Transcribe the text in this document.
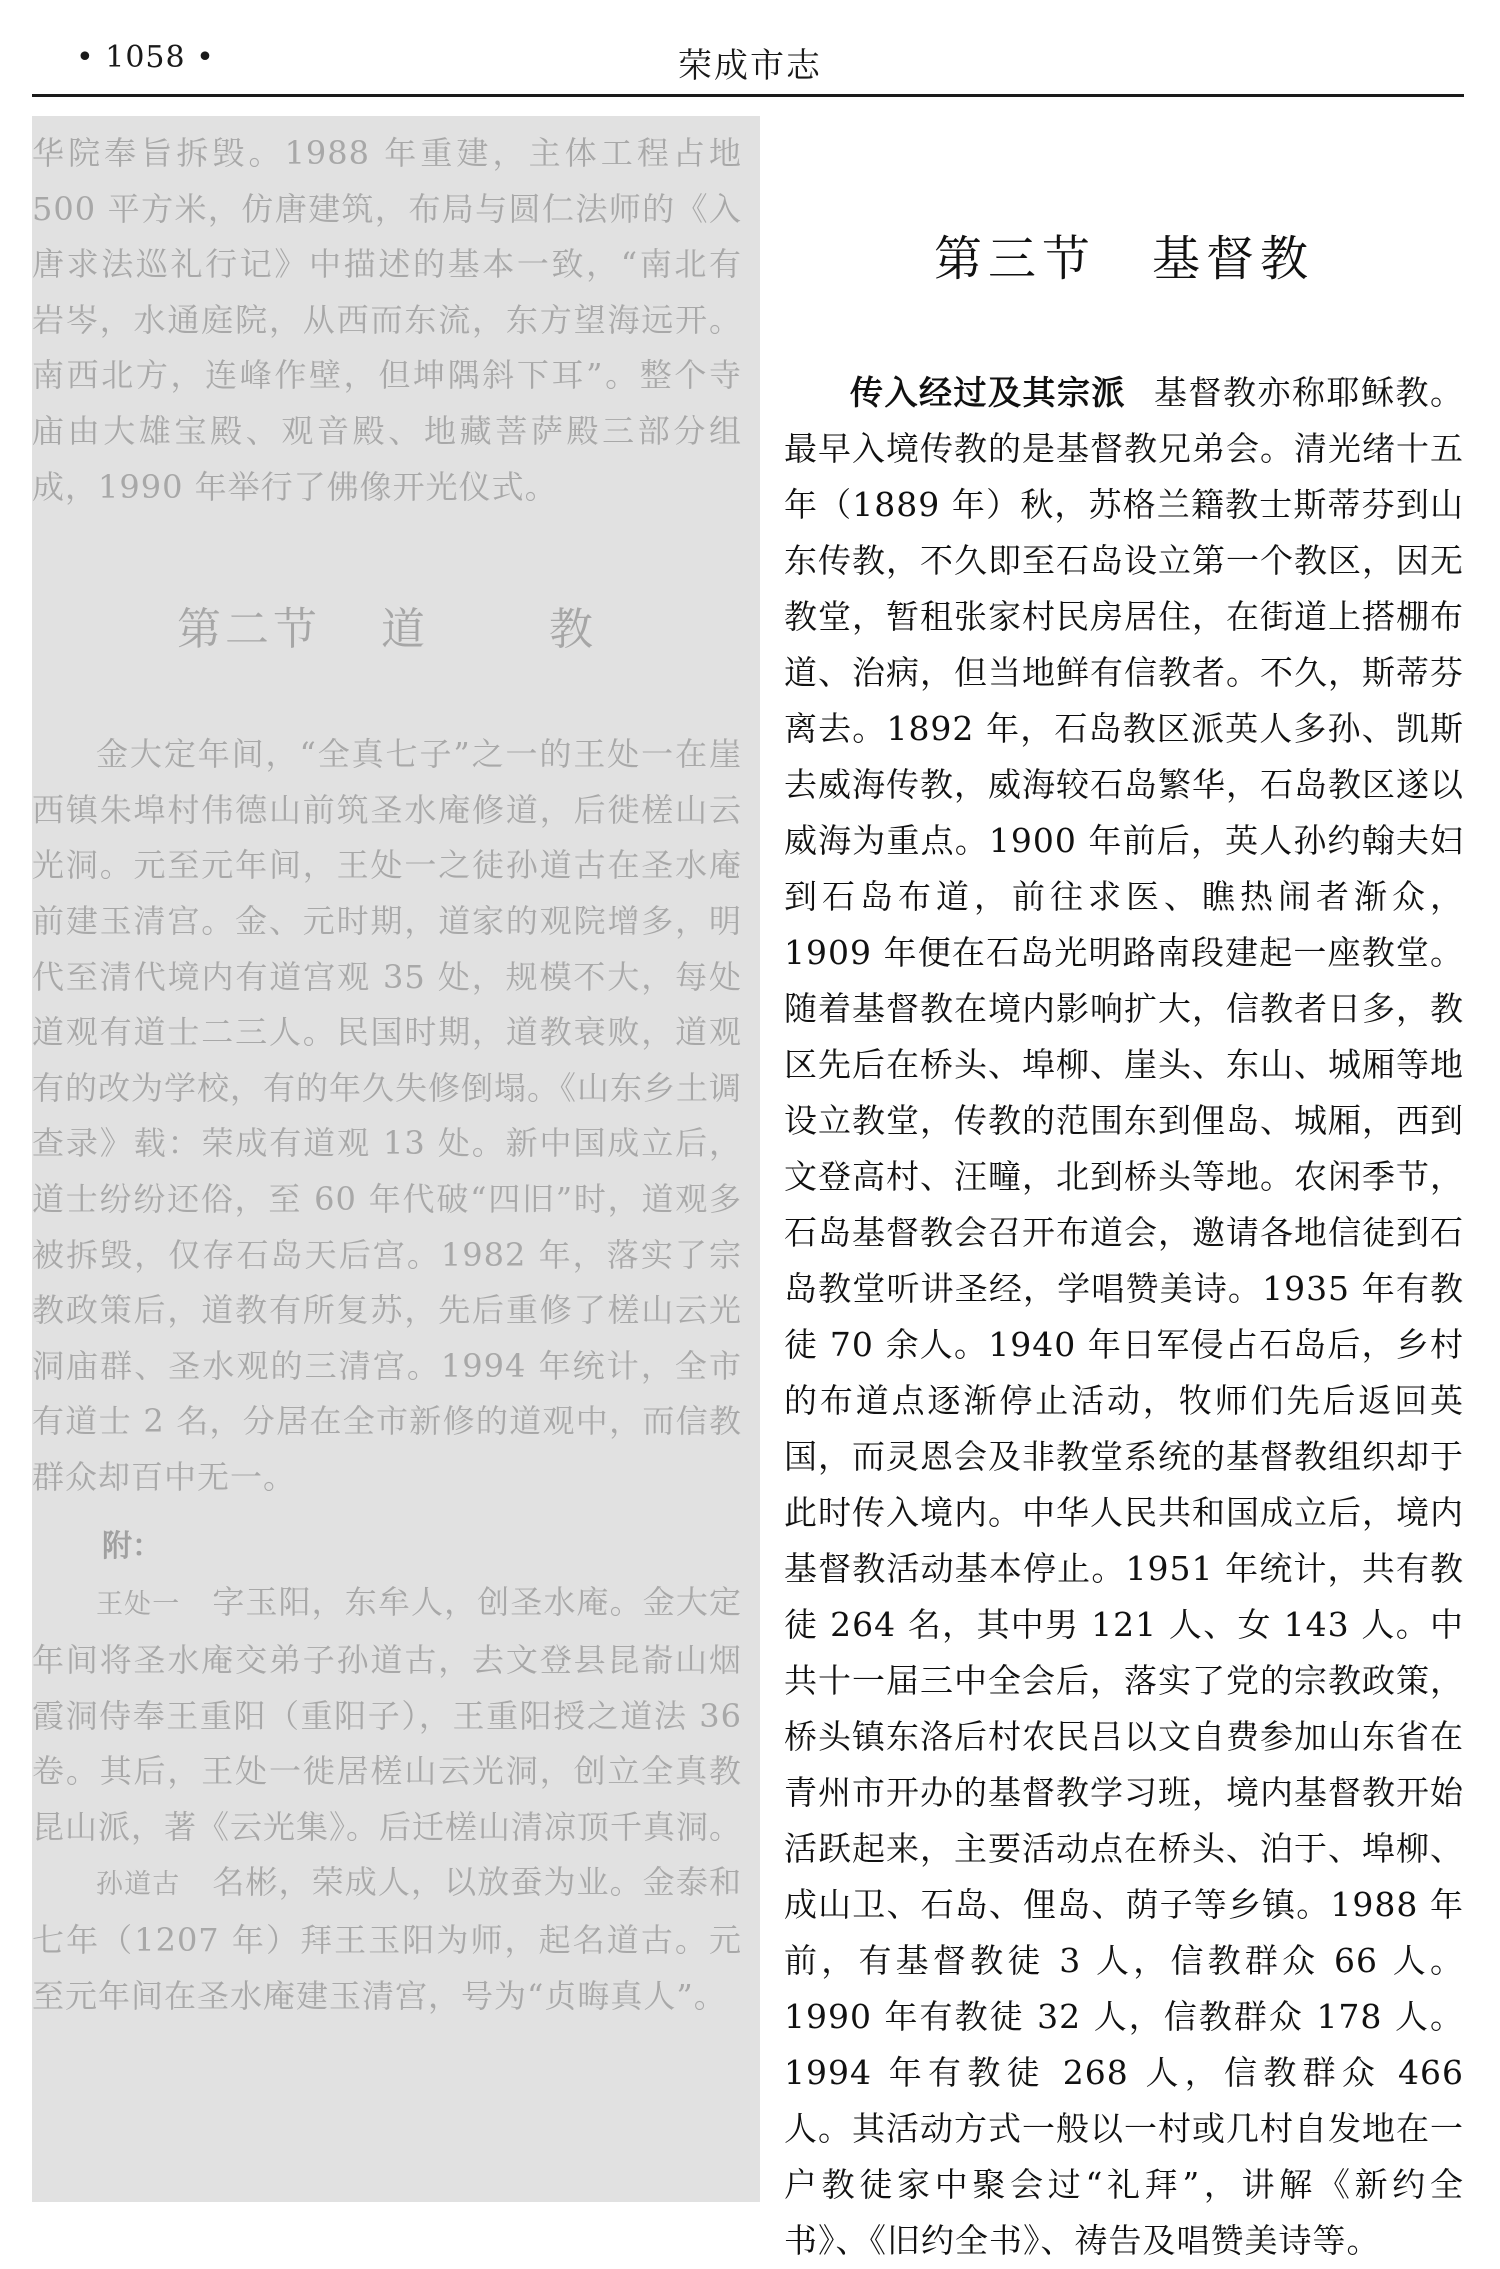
• 1058 •	荣成市志

华院奉旨拆毁。1988 年重建，主体工程占地 500 平方米，仿唐建筑，布局与圆仁法师的《入唐求法巡礼行记》中描述的基本一致，“南北有岩岑，水通庭院，从西而东流，东方望海远开。南西北方，连峰作壁，但坤隅斜下耳”。整个寺庙由大雄宝殿、观音殿、地藏菩萨殿三部分组成，1990 年举行了佛像开光仪式。

第二节 道	教

金大定年间，“全真七子”之一的王处一在崖西镇朱埠村伟德山前筑圣水庵修道，后徙槎山云光洞。元至元年间，王处一之徒孙道古在圣水庵前建玉清宫。金、元时期，道家的观院增多，明代至清代境内有道宫观 35 处，规模不大，每处道观有道士二三人。民国时期，道教衰败，道观有的改为学校，有的年久失修倒塌。《山东乡土调查录》载：荣成有道观 13 处。新中国成立后，道士纷纷还俗，至 60 年代破“四旧”时，道观多被拆毁，仅存石岛天后宫。1982 年，落实了宗教政策后，道教有所复苏，先后重修了槎山云光洞庙群、圣水观的三清宫。1994 年统计，全市有道士 2 名，分居在全市新修的道观中，而信教群众却百中无一。

附：

王处一 字玉阳，东牟人，创圣水庵。金大定年间将圣水庵交弟子孙道古，去文登县昆嵛山烟霞洞侍奉王重阳（重阳子），王重阳授之道法 36 卷。其后，王处一徙居槎山云光洞，创立全真教昆山派，著《云光集》。后迁槎山清凉顶千真洞。

孙道古 名彬，荣成人，以放蚕为业。金泰和七年（1207 年）拜王玉阳为师，起名道古。元至元年间在圣水庵建玉清宫，号为“贞晦真人”。

第三节 基督教

传入经过及其宗派 基督教亦称耶稣教。最早入境传教的是基督教兄弟会。清光绪十五年（1889 年）秋，苏格兰籍教士斯蒂芬到山东传教，不久即至石岛设立第一个教区，因无教堂，暂租张家村民房居住，在街道上搭棚布道、治病，但当地鲜有信教者。不久，斯蒂芬离去。1892 年，石岛教区派英人多孙、凯斯去威海传教，威海较石岛繁华，石岛教区遂以威海为重点。1900 年前后，英人孙约翰夫妇到石岛布道，前往求医、瞧热闹者渐众，1909 年便在石岛光明路南段建起一座教堂。随着基督教在境内影响扩大，信教者日多，教区先后在桥头、埠柳、崖头、东山、城厢等地设立教堂，传教的范围东到俚岛、城厢，西到文登高村、汪疃，北到桥头等地。农闲季节，石岛基督教会召开布道会，邀请各地信徒到石岛教堂听讲圣经，学唱赞美诗。1935 年有教徒 70 余人。1940 年日军侵占石岛后，乡村的布道点逐渐停止活动，牧师们先后返回英国，而灵恩会及非教堂系统的基督教组织却于此时传入境内。中华人民共和国成立后，境内基督教活动基本停止。1951 年统计，共有教徒 264 名，其中男 121 人、女 143 人。中共十一届三中全会后，落实了党的宗教政策，桥头镇东洛后村农民吕以文自费参加山东省在青州市开办的基督教学习班，境内基督教开始活跃起来，主要活动点在桥头、泊于、埠柳、成山卫、石岛、俚岛、荫子等乡镇。1988 年前，有基督教徒 3 人，信教群众 66 人。1990 年有教徒 32 人，信教群众 178 人。1994 年有教徒 268 人，信教群众 466 人。其活动方式一般以一村或几村自发地在一户教徒家中聚会过“礼拜”，讲解《新约全书》、《旧约全书》、祷告及唱赞美诗等。
